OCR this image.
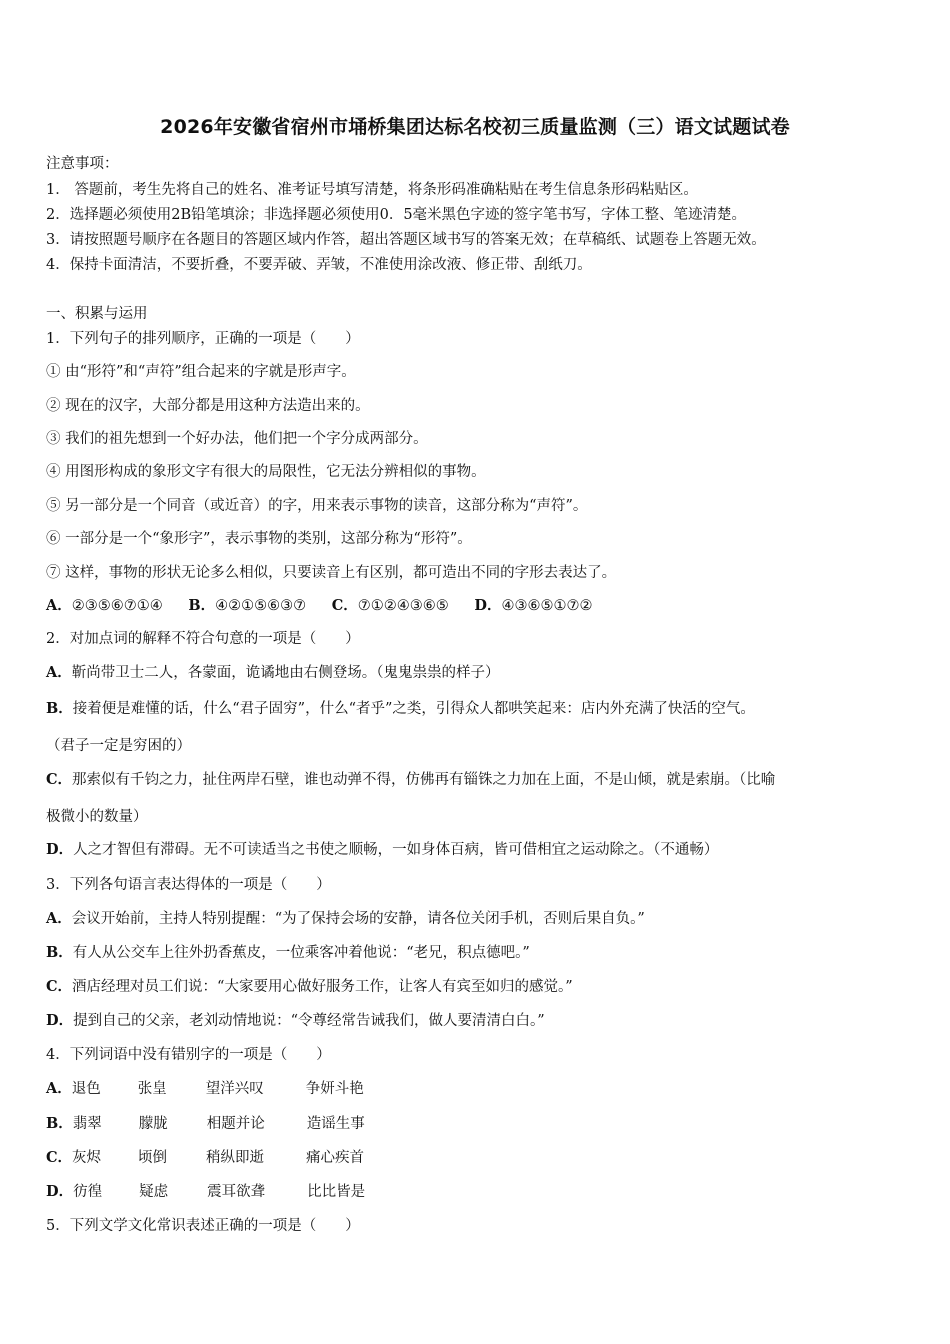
2026年安徽省宿州市埇桥集团达标名校初三质量监测（三）语文试题试卷
注意事项：
1． 答题前，考生先将自己的姓名、准考证号填写清楚，将条形码准确粘贴在考生信息条形码粘贴区。
2．选择题必须使用2B铅笔填涂；非选择题必须使用0．5毫米黑色字迹的签字笔书写，字体工整、笔迹清楚。
3．请按照题号顺序在各题目的答题区域内作答，超出答题区域书写的答案无效；在草稿纸、试题卷上答题无效。
4．保持卡面清洁，不要折叠，不要弄破、弄皱，不准使用涂改液、修正带、刮纸刀。
一、积累与运用
1．下列句子的排列顺序，正确的一项是（　　）
① 由“形符”和“声符”组合起来的字就是形声字。
② 现在的汉字，大部分都是用这种方法造出来的。
③ 我们的祖先想到一个好办法，他们把一个字分成两部分。
④ 用图形构成的象形文字有很大的局限性，它无法分辨相似的事物。
⑤ 另一部分是一个同音（或近音）的字，用来表示事物的读音，这部分称为“声符”。
⑥ 一部分是一个“象形字”，表示事物的类别，这部分称为“形符”。
⑦ 这样，事物的形状无论多么相似，只要读音上有区别，都可造出不同的字形去表达了。
A．②③⑤⑥⑦①④ B．④②①⑤⑥③⑦ C．⑦①②④③⑥⑤ D．④③⑥⑤①⑦②
2．对加点词的解释不符合句意的一项是（　　）
A．靳尚带卫士二人，各蒙面，诡谲地由右侧登场。（鬼鬼祟祟的样子）
B．接着便是难懂的话，什么“君子固穷”，什么“者乎”之类，引得众人都哄笑起来：店内外充满了快活的空气。
（君子一定是穷困的）
C．那索似有千钧之力，扯住两岸石壁，谁也动弹不得，仿佛再有锱铢之力加在上面，不是山倾，就是索崩。（比喻
极微小的数量）
D．人之才智但有滞碍。无不可读适当之书使之顺畅，一如身体百病，皆可借相宜之运动除之。（不通畅）
3．下列各句语言表达得体的一项是（　　）
A．会议开始前，主持人特别提醒：“为了保持会场的安静，请各位关闭手机，否则后果自负。”
B．有人从公交车上往外扔香蕉皮，一位乘客冲着他说：“老兄，积点德吧。”
C．酒店经理对员工们说：“大家要用心做好服务工作，让客人有宾至如归的感觉。”
D．提到自己的父亲，老刘动情地说：“令尊经常告诫我们，做人要清清白白。”
4．下列词语中没有错别字的一项是（　　）
A．退色	张皇	望洋兴叹	争妍斗艳
B．翡翠	朦胧	相题并论	造谣生事
C．灰烬	顷倒	稍纵即逝	痛心疾首
D．彷徨	疑虑	震耳欲聋	比比皆是
5．下列文学文化常识表述正确的一项是（　　）
